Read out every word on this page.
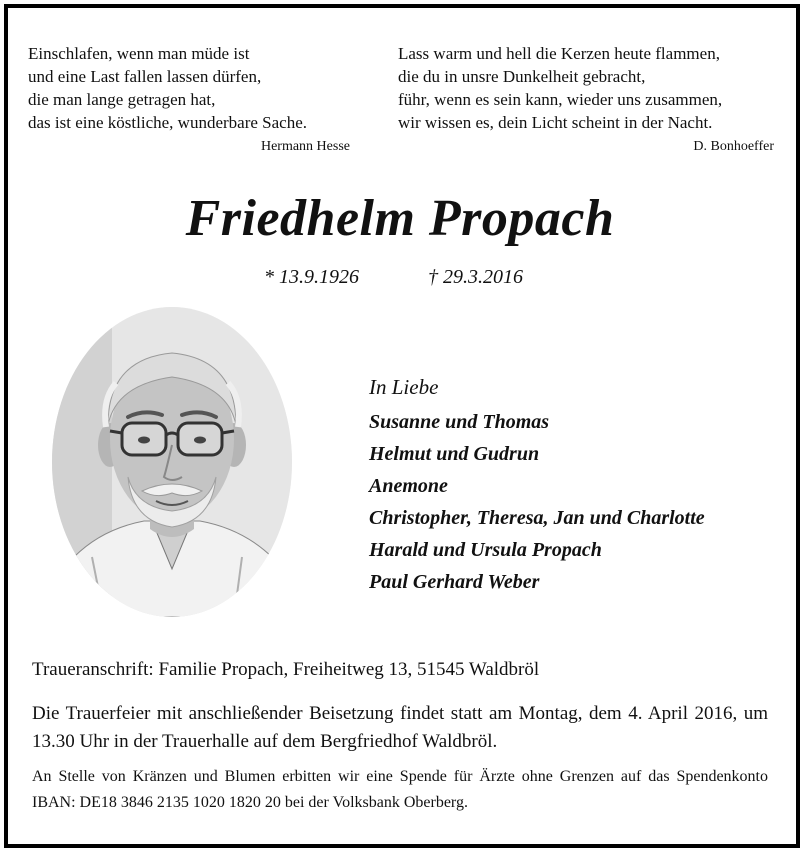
Einschlafen, wenn man müde ist
und eine Last fallen lassen dürfen,
die man lange getragen hat,
das ist eine köstliche, wunderbare Sache.
Hermann Hesse
Lass warm und hell die Kerzen heute flammen,
die du in unsre Dunkelheit gebracht,
führ, wenn es sein kann, wieder uns zusammen,
wir wissen es, dein Licht scheint in der Nacht.
D. Bonhoeffer
Friedhelm Propach
* 13.9.1926	† 29.3.2016
In Liebe
Susanne und Thomas
Helmut und Gudrun
Anemone
Christopher, Theresa, Jan und Charlotte
Harald und Ursula Propach
Paul Gerhard Weber
Traueranschrift: Familie Propach, Freiheitweg 13, 51545 Waldbröl
Die Trauerfeier mit anschließender Beisetzung findet statt am Montag, dem 4. April 2016, um 13.30 Uhr in der Trauerhalle auf dem Bergfriedhof Waldbröl.
An Stelle von Kränzen und Blumen erbitten wir eine Spende für Ärzte ohne Grenzen auf das Spendenkonto IBAN: DE18 3846 2135 1020 1820 20 bei der Volksbank Oberberg.
